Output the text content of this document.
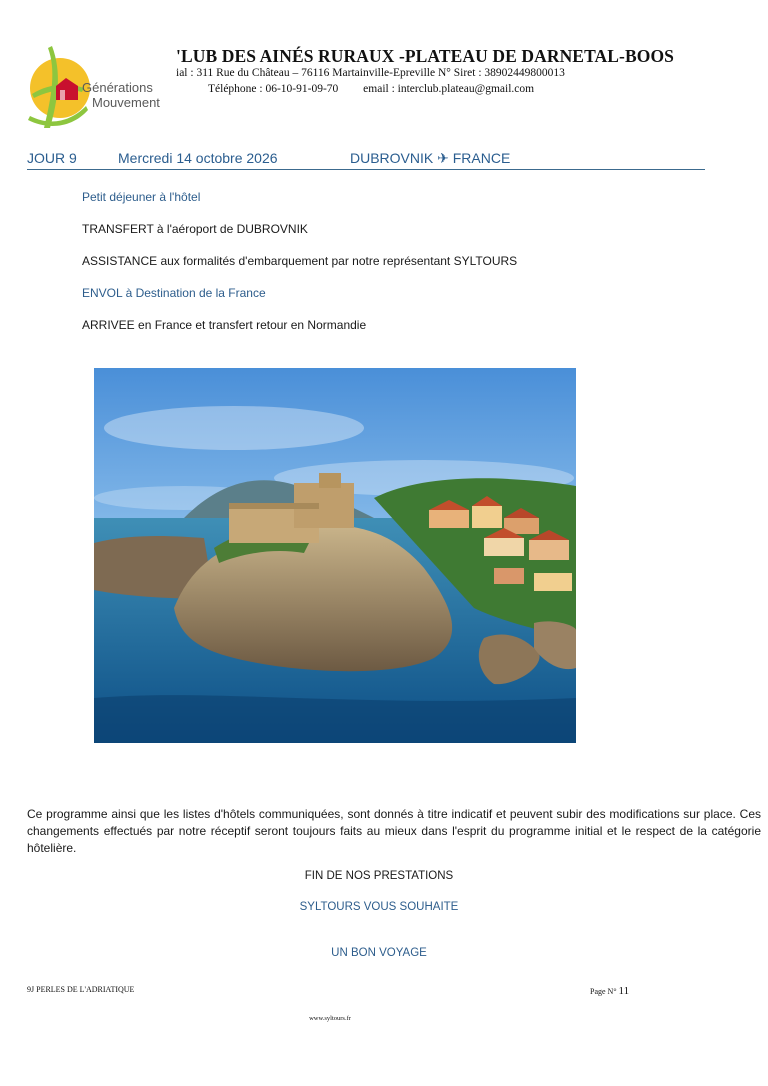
Générations
Mouvement
'LUB DES AINÉS RURAUX -PLATEAU DE DARNETAL-BOOS
ial : 311 Rue du Château – 76116 Martainville-Epreville N° Siret : 38902449800013
Téléphone : 06-10-91-09-70 email : interclub.plateau@gmail.com
JOUR 9	Mercredi 14 octobre 2026	DUBROVNIK ✈ FRANCE
Petit déjeuner à l'hôtel
TRANSFERT à l'aéroport de DUBROVNIK
ASSISTANCE aux formalités d'embarquement par notre représentant SYLTOURS
ENVOL à Destination de la France
ARRIVEE en France et transfert retour en Normandie
Ce programme ainsi que les listes d'hôtels communiquées, sont donnés à titre indicatif et peuvent subir des modifications sur place. Ces changements effectués par notre réceptif seront toujours faits au mieux dans l'esprit du programme initial et le respect de la catégorie hôtelière.
FIN DE NOS PRESTATIONS
SYLTOURS VOUS SOUHAITE
UN BON VOYAGE
9J PERLES DE L'ADRIATIQUE	Page N° 11
www.syltours.fr
